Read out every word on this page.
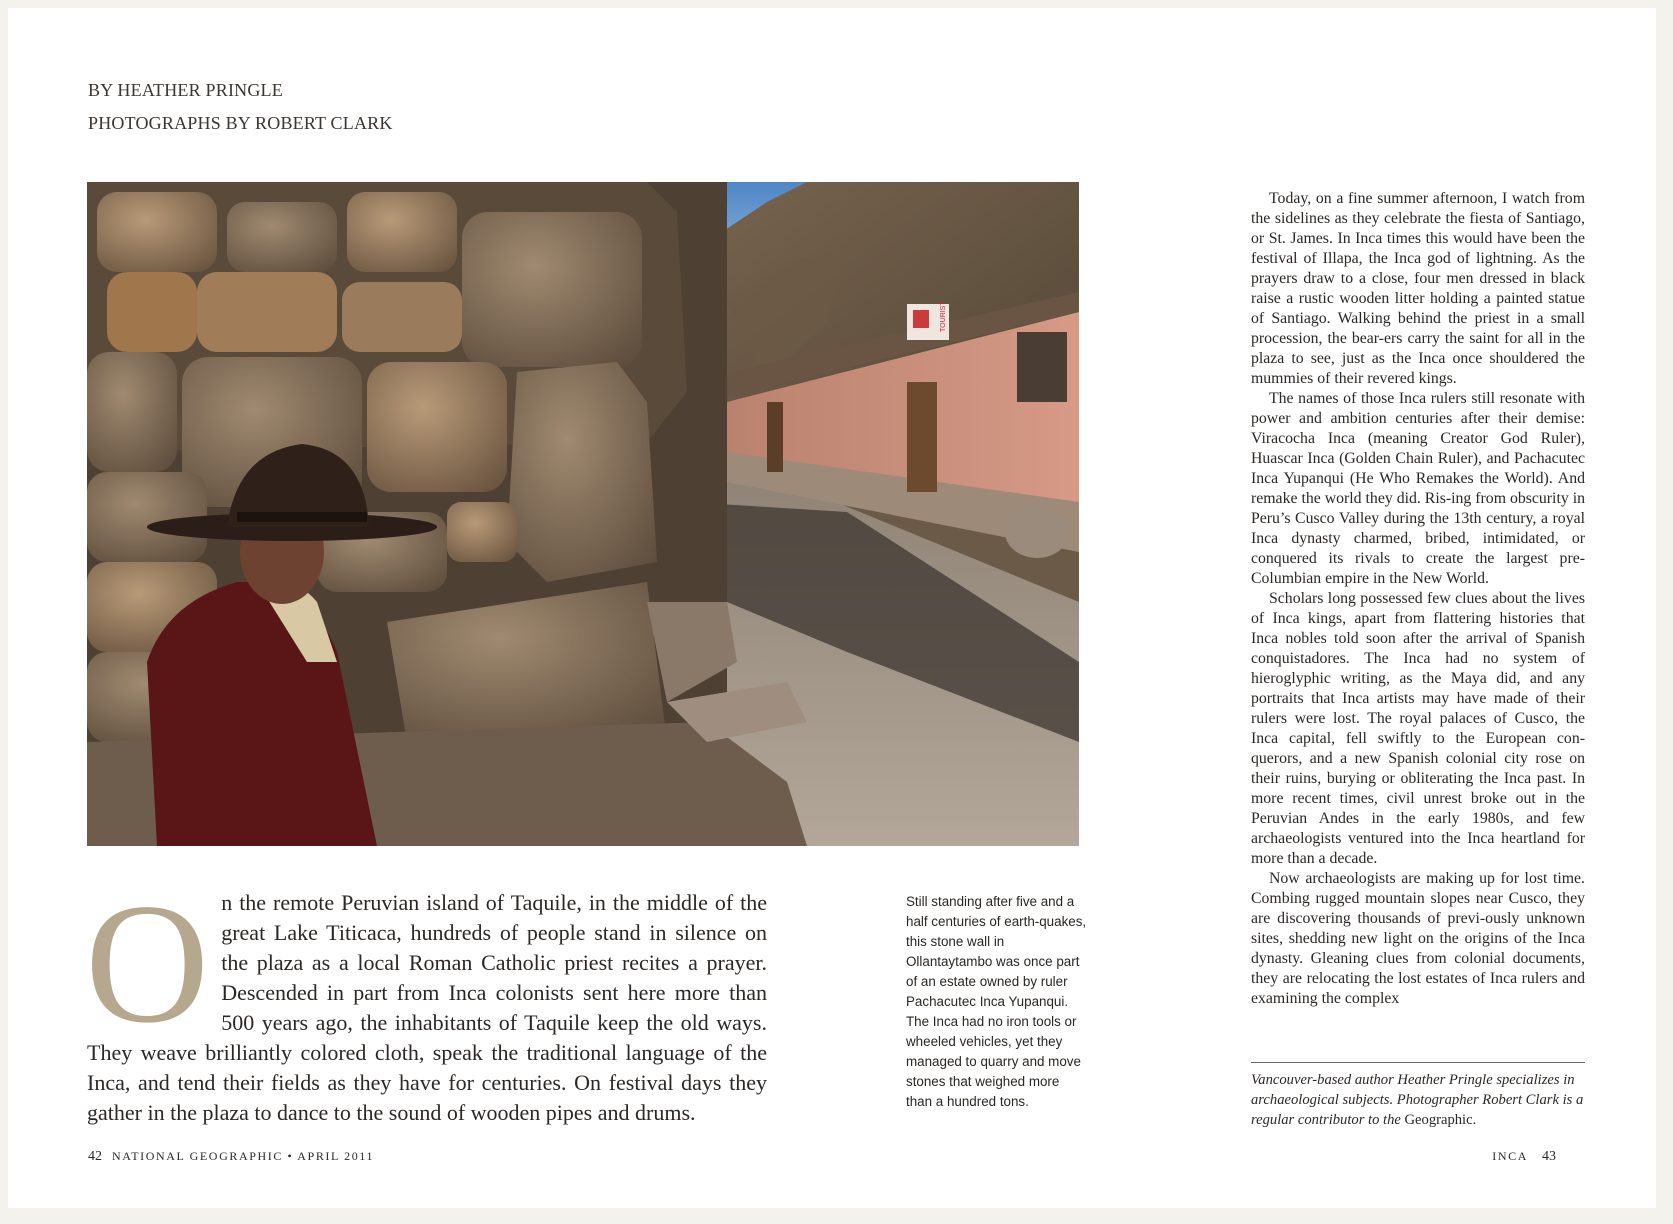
BY HEATHER PRINGLE
PHOTOGRAPHS BY ROBERT CLARK
TOURIST
On the remote Peruvian island of Taquile, in the middle of the great Lake Titicaca, hundreds of people stand in silence on the plaza as a local Roman Catholic priest recites a prayer. Descended in part from Inca colonists sent here more than 500 years ago, the inhabitants of Taquile keep the old ways. They weave brilliantly colored cloth, speak the traditional language of the Inca, and tend their fields as they have for centuries. On festival days they gather in the plaza to dance to the sound of wooden pipes and drums.
Still standing after five and a half centuries of earth-quakes, this stone wall in Ollantaytambo was once part of an estate owned by ruler Pachacutec Inca Yupanqui. The Inca had no iron tools or wheeled vehicles, yet they managed to quarry and move stones that weighed more than a hundred tons.

Today, on a fine summer afternoon, I watch from the sidelines as they celebrate the fiesta of Santiago, or St. James. In Inca times this would have been the festival of Illapa, the Inca god of lightning. As the prayers draw to a close, four men dressed in black raise a rustic wooden litter holding a painted statue of Santiago. Walking behind the priest in a small procession, the bear-ers carry the saint for all in the plaza to see, just as the Inca once shouldered the mummies of their revered kings.

The names of those Inca rulers still resonate with power and ambition centuries after their demise: Viracocha Inca (meaning Creator God Ruler), Huascar Inca (Golden Chain Ruler), and Pachacutec Inca Yupanqui (He Who Remakes the World). And remake the world they did. Ris-ing from obscurity in Peru’s Cusco Valley during the 13th century, a royal Inca dynasty charmed, bribed, intimidated, or conquered its rivals to create the largest pre-Columbian empire in the New World.

Scholars long possessed few clues about the lives of Inca kings, apart from flattering histories that Inca nobles told soon after the arrival of Spanish conquistadores. The Inca had no system of hieroglyphic writing, as the Maya did, and any portraits that Inca artists may have made of their rulers were lost. The royal palaces of Cusco, the Inca capital, fell swiftly to the European con-querors, and a new Spanish colonial city rose on their ruins, burying or obliterating the Inca past. In more recent times, civil unrest broke out in the Peruvian Andes in the early 1980s, and few archaeologists ventured into the Inca heartland for more than a decade.

Now archaeologists are making up for lost time. Combing rugged mountain slopes near Cusco, they are discovering thousands of previ-ously unknown sites, shedding new light on the origins of the Inca dynasty. Gleaning clues from colonial documents, they are relocating the lost estates of Inca rulers and examining the complex

Vancouver-based author Heather Pringle specializes in archaeological subjects. Photographer Robert Clark is a regular contributor to the Geographic.
42 NATIONAL GEOGRAPHIC • APRIL 2011	INCA 43
